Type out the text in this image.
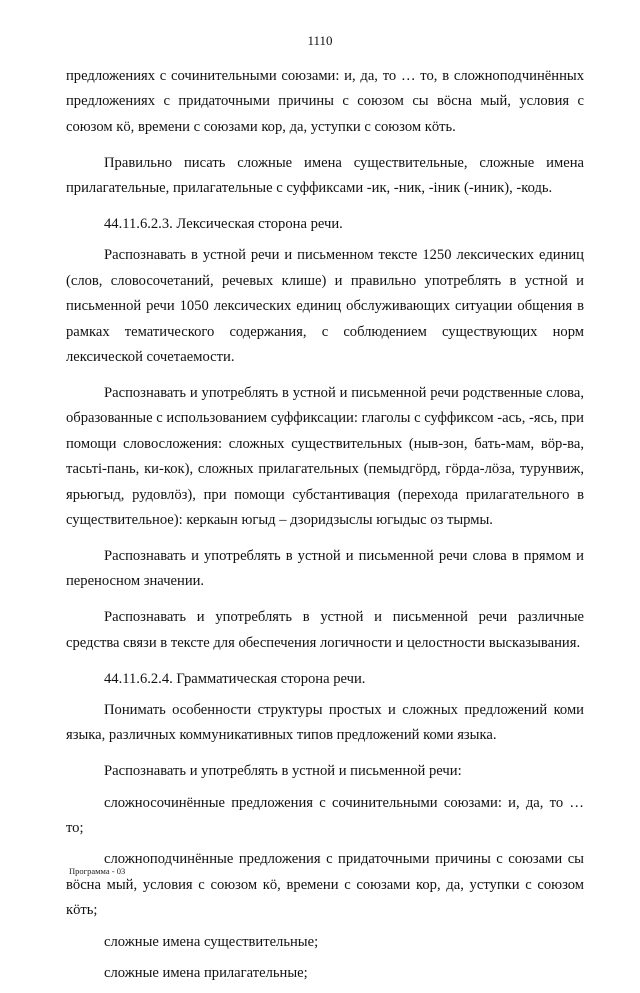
1110

предложениях с сочинительными союзами: и, да, то … то, в сложноподчинённых предложениях с придаточными причины с союзом сы вӧсна мый, условия с союзом кӧ, времени с союзами кор, да, уступки с союзом кӧть.

Правильно писать сложные имена существительные, сложные имена прилагательные, прилагательные с суффиксами -ик, -ник, -iник (-иник), -кодь.

44.11.6.2.3. Лексическая сторона речи.

Распознавать в устной речи и письменном тексте 1250 лексических единиц (слов, словосочетаний, речевых клише) и правильно употреблять в устной и письменной речи 1050 лексических единиц обслуживающих ситуации общения в рамках тематического содержания, с соблюдением существующих норм лексической сочетаемости.

Распознавать и употреблять в устной и письменной речи родственные слова, образованные с использованием суффиксации: глаголы с суффиксом -ась, -ясь, при помощи словосложения: сложных существительных (ныв-зон, бать-мам, вӧр-ва, тасьтi-пань, ки-кок), сложных прилагательных (пемыдгӧрд, гӧрда-лӧза, турунвиж, ярьюгыд, рудовлӧз), при помощи субстантивация (перехода прилагательного в существительное): керкаын югыд – дзоридзыслы югыдыс оз тырмы.

Распознавать и употреблять в устной и письменной речи слова в прямом и переносном значении.

Распознавать и употреблять в устной и письменной речи различные средства связи в тексте для обеспечения логичности и целостности высказывания.

44.11.6.2.4. Грамматическая сторона речи.

Понимать особенности структуры простых и сложных предложений коми языка, различных коммуникативных типов предложений коми языка.

Распознавать и употреблять в устной и письменной речи:

сложносочинённые предложения с сочинительными союзами: и, да, то … то;

сложноподчинённые предложения с придаточными причины с союзами сы вӧсна мый, условия с союзом кӧ, времени с союзами кор, да, уступки с союзом кӧть;

сложные имена существительные;

сложные имена прилагательные;

Программа - 03
